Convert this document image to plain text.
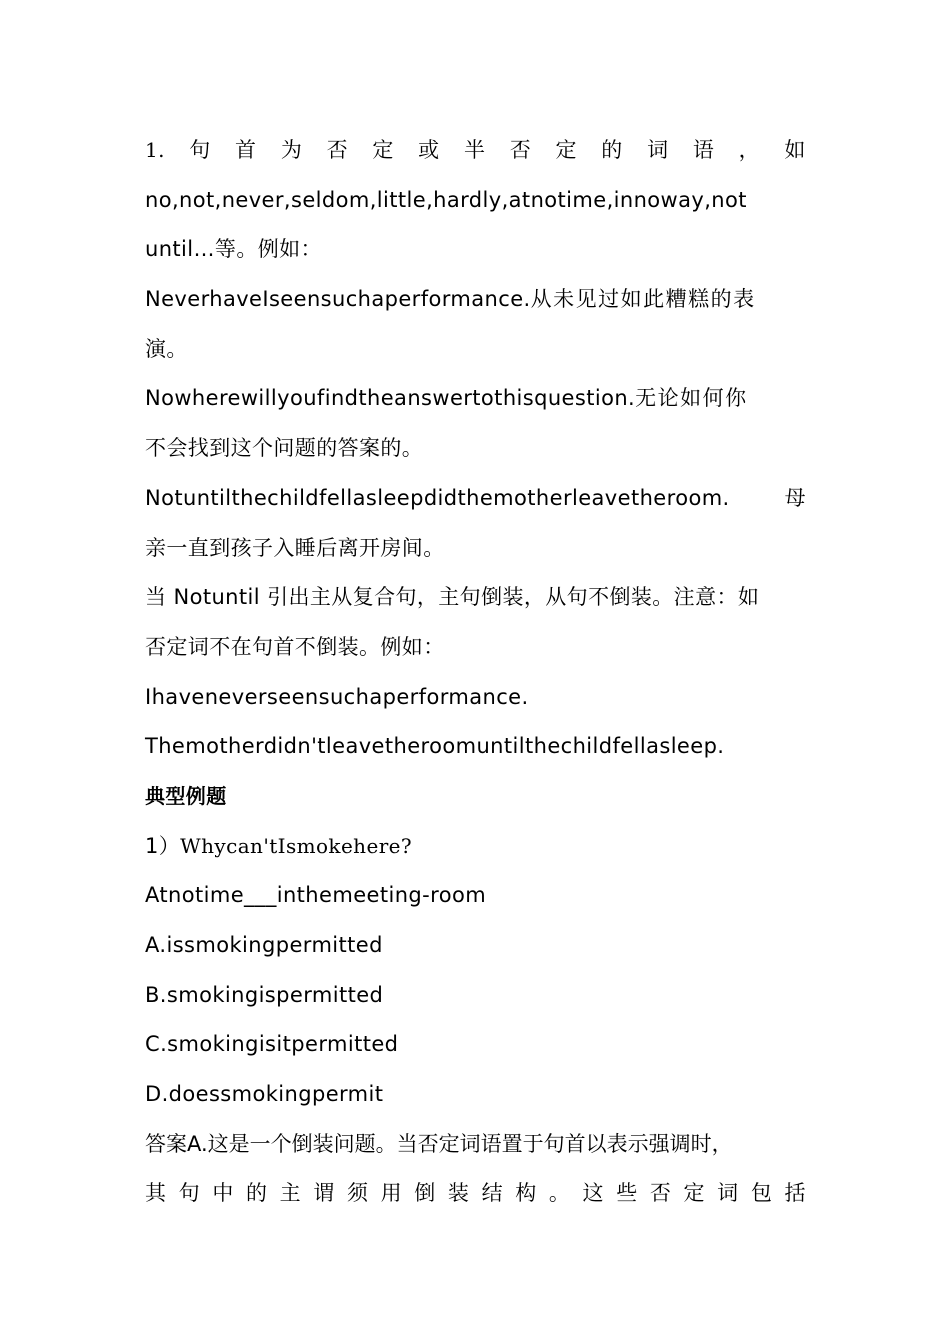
1. 句 首 为 否 定 或 半 否 定 的 词 语 ， 如
no,not,never,seldom,little,hardly,atnotime,innoway,not
until…等。例如：
NeverhaveIseensuchaperformance.从未见过如此糟糕的表
演。
Nowherewillyoufindtheanswertothisquestion.无论如何你
不会找到这个问题的答案的。
Notuntilthechildfellasleepdidthemotherleavetheroom.	母
亲一直到孩子入睡后离开房间。
当 Notuntil 引出主从复合句，主句倒装，从句不倒装。注意：如
否定词不在句首不倒装。例如：
Ihaveneverseensuchaperformance.
Themotherdidn'tleavetheroomuntilthechildfellasleep.
典型例题
1）Whycan'tIsmokehere?
Atnotime___inthemeeting-room
A.issmokingpermitted
B.smokingispermitted
C.smokingisitpermitted
D.doessmokingpermit
答案A.这是一个倒装问题。当否定词语置于句首以表示强调时，
其 句 中 的 主 谓 须 用 倒 装 结 构 。 这 些 否 定 词 包 括
